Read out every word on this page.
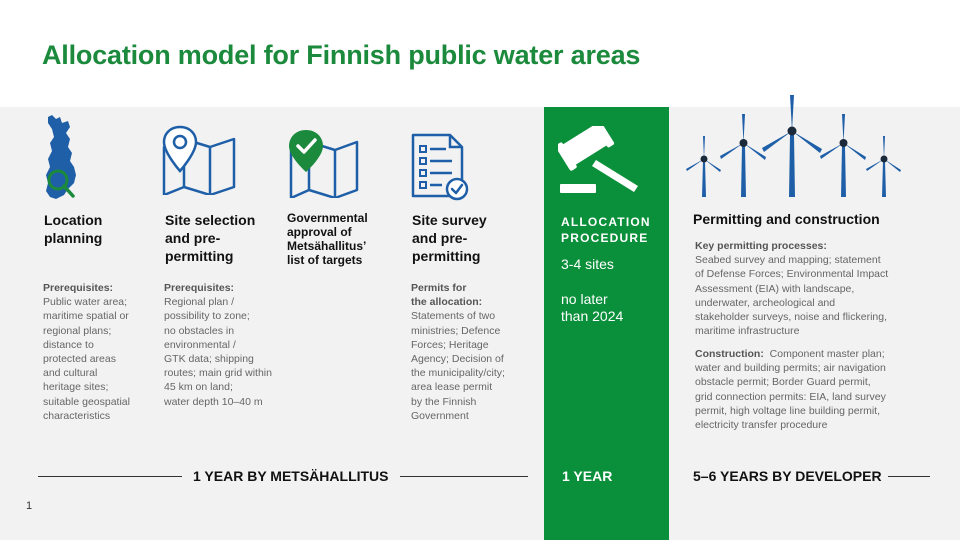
Allocation model for Finnish public water areas
Location
planning
Prerequisites:
Public water area;
maritime spatial or
regional plans;
distance to
protected areas
and cultural
heritage sites;
suitable geospatial
characteristics
Site selection
and pre-
permitting
Prerequisites:
Regional plan /
possibility to zone;
no obstacles in
environmental /
GTK data; shipping
routes; main grid within
45 km on land;
water depth 10–40 m
Governmental
approval of
Metsähallitus’
list of targets
Site survey
and pre-
permitting
Permits for
the allocation:
Statements of two
ministries; Defence
Forces; Heritage
Agency; Decision of
the municipality/city;
area lease permit
by the Finnish
Government
ALLOCATION
PROCEDURE
3-4 sites
no later
than 2024
Permitting and construction
Key permitting processes:
Seabed survey and mapping; statement
of Defense Forces; Environmental Impact
Assessment (EIA) with landscape,
underwater, archeological and
stakeholder surveys, noise and flickering,
maritime infrastructure
Construction:  Component master plan;
water and building permits; air navigation
obstacle permit; Border Guard permit,
grid connection permits: EIA, land survey
permit, high voltage line building permit,
electricity transfer procedure
1 YEAR BY METSÄHALLITUS	1 YEAR	5–6 YEARS BY DEVELOPER
1
